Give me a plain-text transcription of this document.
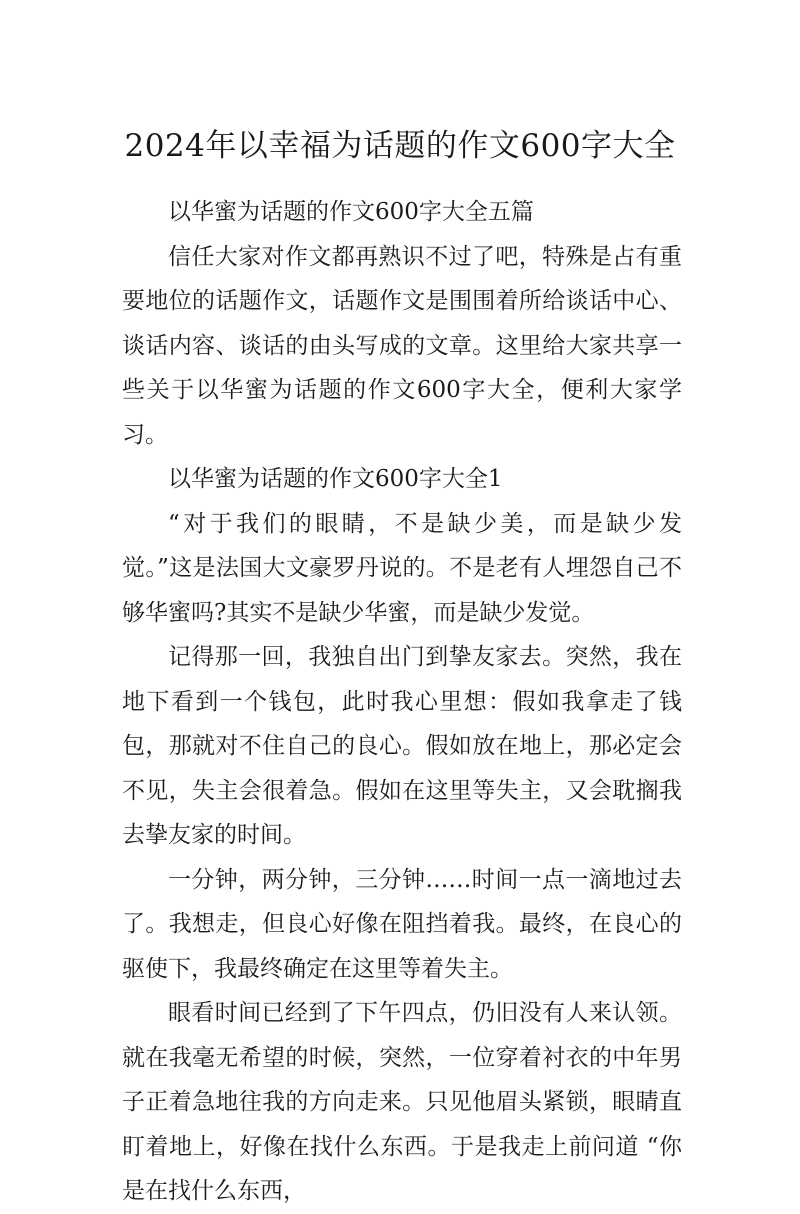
2024年以幸福为话题的作文600字大全

以华蜜为话题的作文600字大全五篇

信任大家对作文都再熟识不过了吧，特殊是占有重要地位的话题作文，话题作文是围围着所给谈话中心、谈话内容、谈话的由头写成的文章。这里给大家共享一些关于以华蜜为话题的作文600字大全，便利大家学习。

以华蜜为话题的作文600字大全1

“对于我们的眼睛，不是缺少美，而是缺少发觉。”这是法国大文豪罗丹说的。不是老有人埋怨自己不够华蜜吗?其实不是缺少华蜜，而是缺少发觉。

记得那一回，我独自出门到挚友家去。突然，我在地下看到一个钱包，此时我心里想：假如我拿走了钱包，那就对不住自己的良心。假如放在地上，那必定会不见，失主会很着急。假如在这里等失主，又会耽搁我去挚友家的时间。

一分钟，两分钟，三分钟……时间一点一滴地过去了。我想走，但良心好像在阻挡着我。最终，在良心的驱使下，我最终确定在这里等着失主。

眼看时间已经到了下午四点，仍旧没有人来认领。就在我毫无希望的时候，突然，一位穿着衬衣的中年男子正着急地往我的方向走来。只见他眉头紧锁，眼睛直盯着地上，好像在找什么东西。于是我走上前问道 “你是在找什么东西，
